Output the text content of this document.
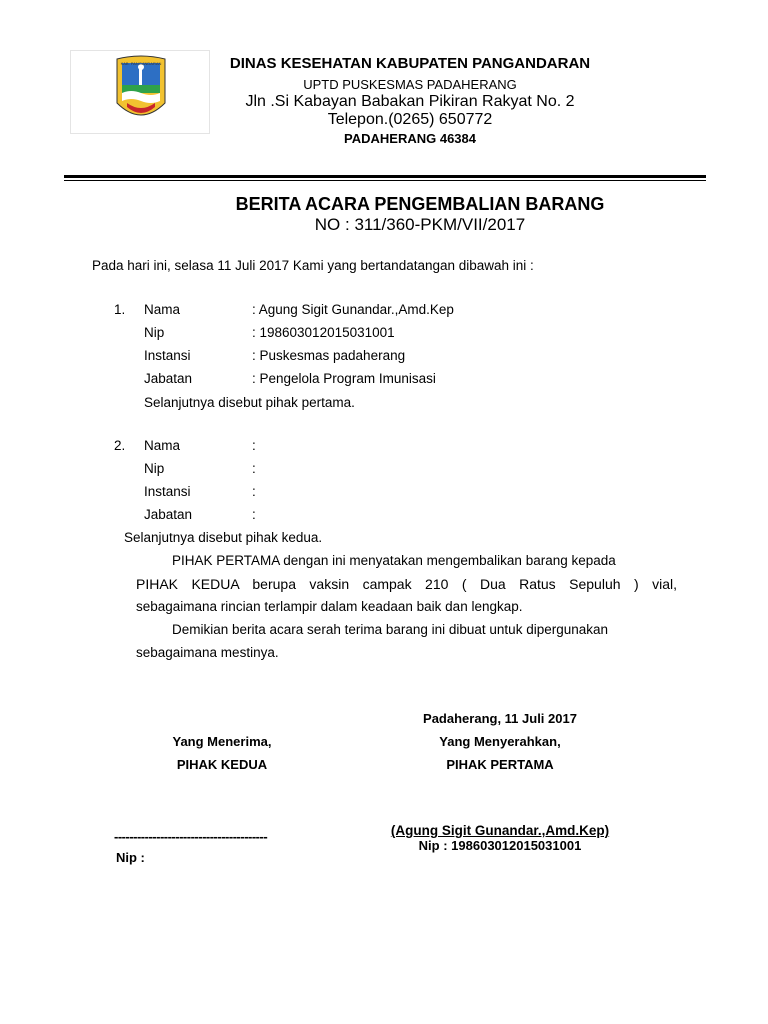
KAB. PANGANDARAN	DINAS KESEHATAN KABUPATEN PANGANDARAN
UPTD PUSKESMAS PADAHERANG
Jln .Si Kabayan Babakan Pikiran Rakyat No. 2
Telepon.(0265) 650772
PADAHERANG 46384
BERITA ACARA PENGEMBALIAN BARANG
NO : 311/360-PKM/VII/2017
Pada hari ini, selasa 11 Juli 2017 Kami yang bertandatangan dibawah ini :
1. Nama	: Agung Sigit Gunandar.,Amd.Kep
Nip	: 198603012015031001
Instansi	: Puskesmas padaherang
Jabatan	: Pengelola Program Imunisasi
Selanjutnya disebut pihak pertama.
2. Nama	:
Nip	:
Instansi	:
Jabatan	:
Selanjutnya disebut pihak kedua.
PIHAK PERTAMA dengan ini menyatakan mengembalikan barang kepada
PIHAK KEDUA berupa vaksin campak 210 ( Dua Ratus Sepuluh ) vial,
sebagaimana rincian terlampir dalam keadaan baik dan lengkap.
Demikian berita acara serah terima barang ini dibuat untuk dipergunakan
sebagaimana mestinya.
Padaherang, 11 Juli 2017
Yang Menerima,
PIHAK KEDUA
Yang Menyerahkan,
PIHAK PERTAMA
----------------------------------------
Nip :
(Agung Sigit Gunandar.,Amd.Kep)
Nip : 198603012015031001
